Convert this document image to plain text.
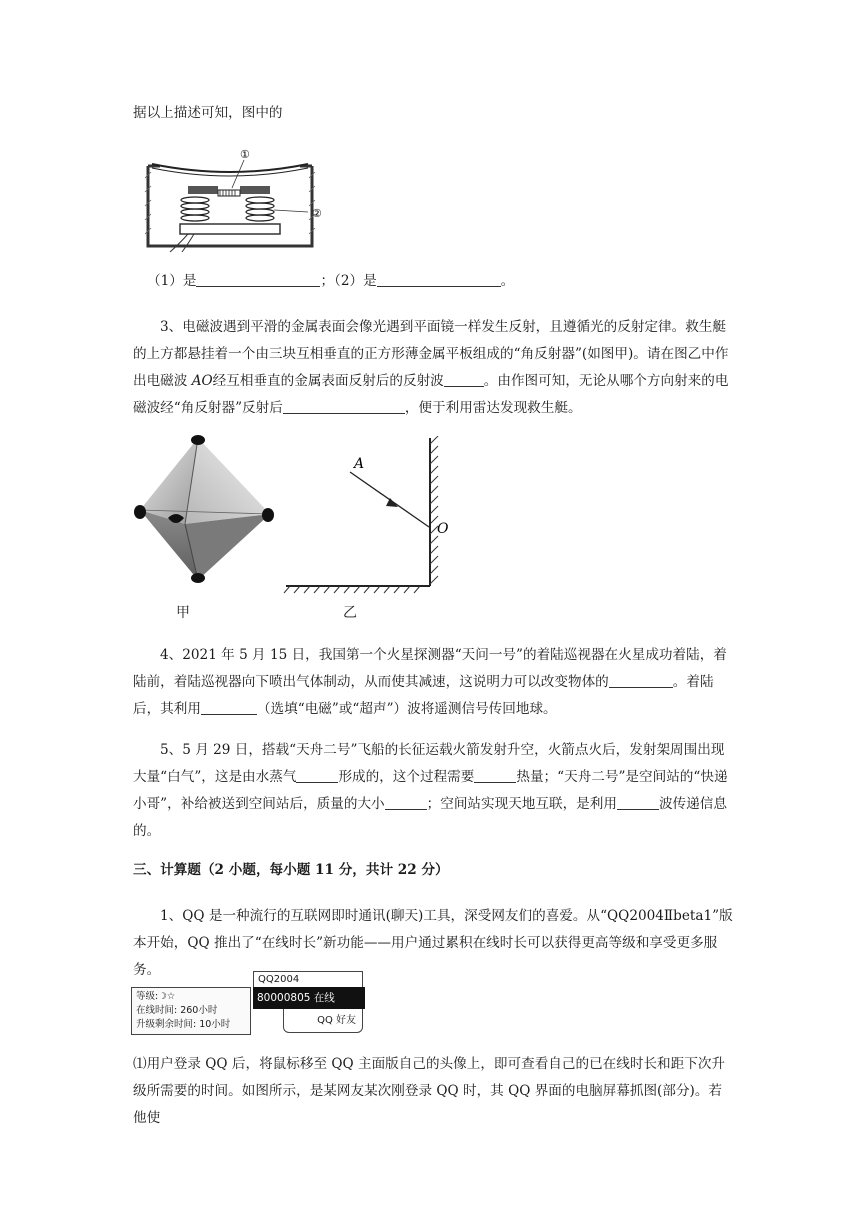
据以上描述可知，图中的

①
②

（1）是	；（2）是	。

3、电磁波遇到平滑的金属表面会像光遇到平面镜一样发生反射，且遵循光的反射定律。救生艇的上方都悬挂着一个由三块互相垂直的正方形薄金属平板组成的“角反射器”(如图甲)。请在图乙中作出电磁波 AO经互相垂直的金属表面反射后的反射波	。由作图可知，无论从哪个方向射来的电磁波经“角反射器”反射后	，便于利用雷达发现救生艇。

甲
A
O
乙

4、2021 年 5 月 15 日，我国第一个火星探测器“天问一号”的着陆巡视器在火星成功着陆，着陆前，着陆巡视器向下喷出气体制动，从而使其减速，这说明力可以改变物体的	。着陆后，其利用	（选填“电磁”或“超声”）波将遥测信号传回地球。

5、5 月 29 日，搭载“天舟二号”飞船的长征运载火箭发射升空，火箭点火后，发射架周围出现大量“白气”，这是由水蒸气	形成的，这个过程需要	热量；“天舟二号”是空间站的“快递小哥”，补给被送到空间站后，质量的大小	；空间站实现天地互联，是利用	波传递信息的。

三、计算题（2 小题，每小题 11 分，共计 22 分）

1、QQ 是一种流行的互联网即时通讯(聊天)工具，深受网友们的喜爱。从“QQ2004Ⅱbeta1”版本开始，QQ 推出了“在线时长”新功能——用户通过累积在线时长可以获得更高等级和享受更多服务。

等级:☽☆
在线时间: 260小时
升级剩余时间: 10小时
QQ2004
80000805 在线
QQ 好友

⑴用户登录 QQ 后，将鼠标移至 QQ 主面版自己的头像上，即可查看自己的已在线时长和距下次升级所需要的时间。如图所示，是某网友某次刚登录 QQ 时，其 QQ 界面的电脑屏幕抓图(部分)。若他使
